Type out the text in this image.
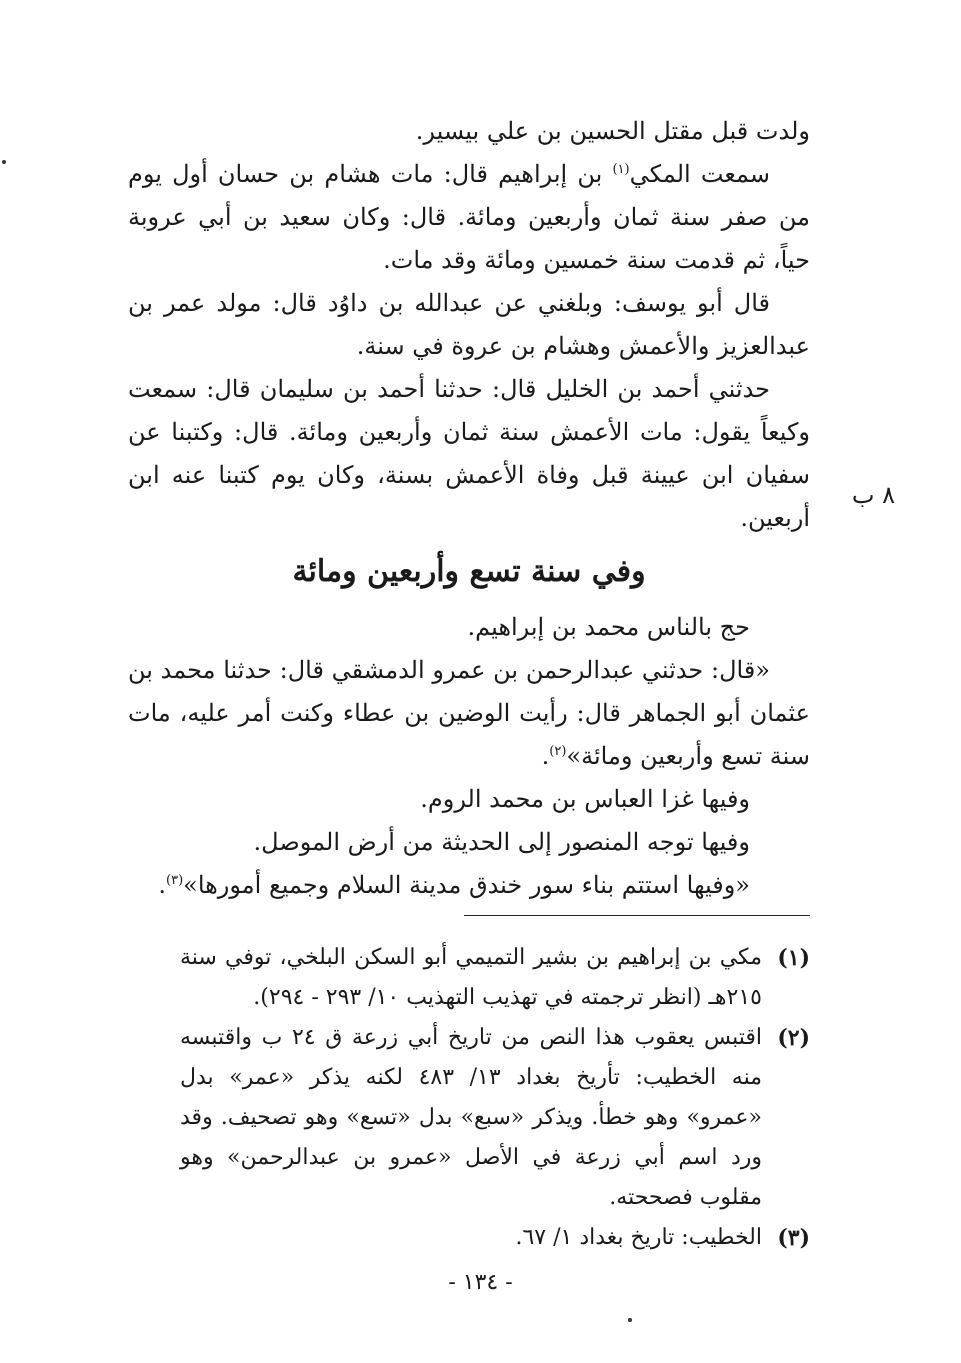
ولدت قبل مقتل الحسين بن علي بيسير.

سمعت المكي$^{(١)}$ بن إبراهيم قال: مات هشام بن حسان أول يوم من صفر سنة ثمان وأربعين ومائة. قال: وكان سعيد بن أبي عروبة حياً، ثم قدمت سنة خمسين ومائة وقد مات.

قال أبو يوسف: وبلغني عن عبدالله بن داوُد قال: مولد عمر بن عبدالعزيز والأعمش وهشام بن عروة في سنة.

حدثني أحمد بن الخليل قال: حدثنا أحمد بن سليمان قال: سمعت وكيعاً يقول: مات الأعمش سنة ثمان وأربعين ومائة. قال: وكتبنا عن سفيان ابن عيينة قبل وفاة الأعمش بسنة، وكان يوم كتبنا عنه ابن أربعين.

وفي سنة تسع وأربعين ومائة

حج بالناس محمد بن إبراهيم.

«قال: حدثني عبدالرحمن بن عمرو الدمشقي قال: حدثنا محمد بن عثمان أبو الجماهر قال: رأيت الوضين بن عطاء وكنت أمر عليه، مات سنة تسع وأربعين ومائة»$^{(٢)}$.

وفيها غزا العباس بن محمد الروم.

وفيها توجه المنصور إلى الحديثة من أرض الموصل.

«وفيها استتم بناء سور خندق مدينة السلام وجميع أمورها»$^{(٣)}$.

٨ ب
(١)
مكي بن إبراهيم بن بشير التميمي أبو السكن البلخي، توفي سنة ٢١٥هـ (انظر ترجمته في تهذيب التهذيب ١٠/ ٢٩٣ - ٢٩٤).
(٢)
اقتبس يعقوب هذا النص من تاريخ أبي زرعة ق ٢٤ ب واقتبسه منه الخطيب: تأريخ بغداد ١٣/ ٤٨٣ لكنه يذكر «عمر» بدل «عمرو» وهو خطأ. ويذكر «سبع» بدل «تسع» وهو تصحيف. وقد ورد اسم أبي زرعة في الأصل «عمرو بن عبدالرحمن» وهو مقلوب فصححته.
(٣)
الخطيب: تاريخ بغداد ١/ ٦٧.
- ١٣٤ -
